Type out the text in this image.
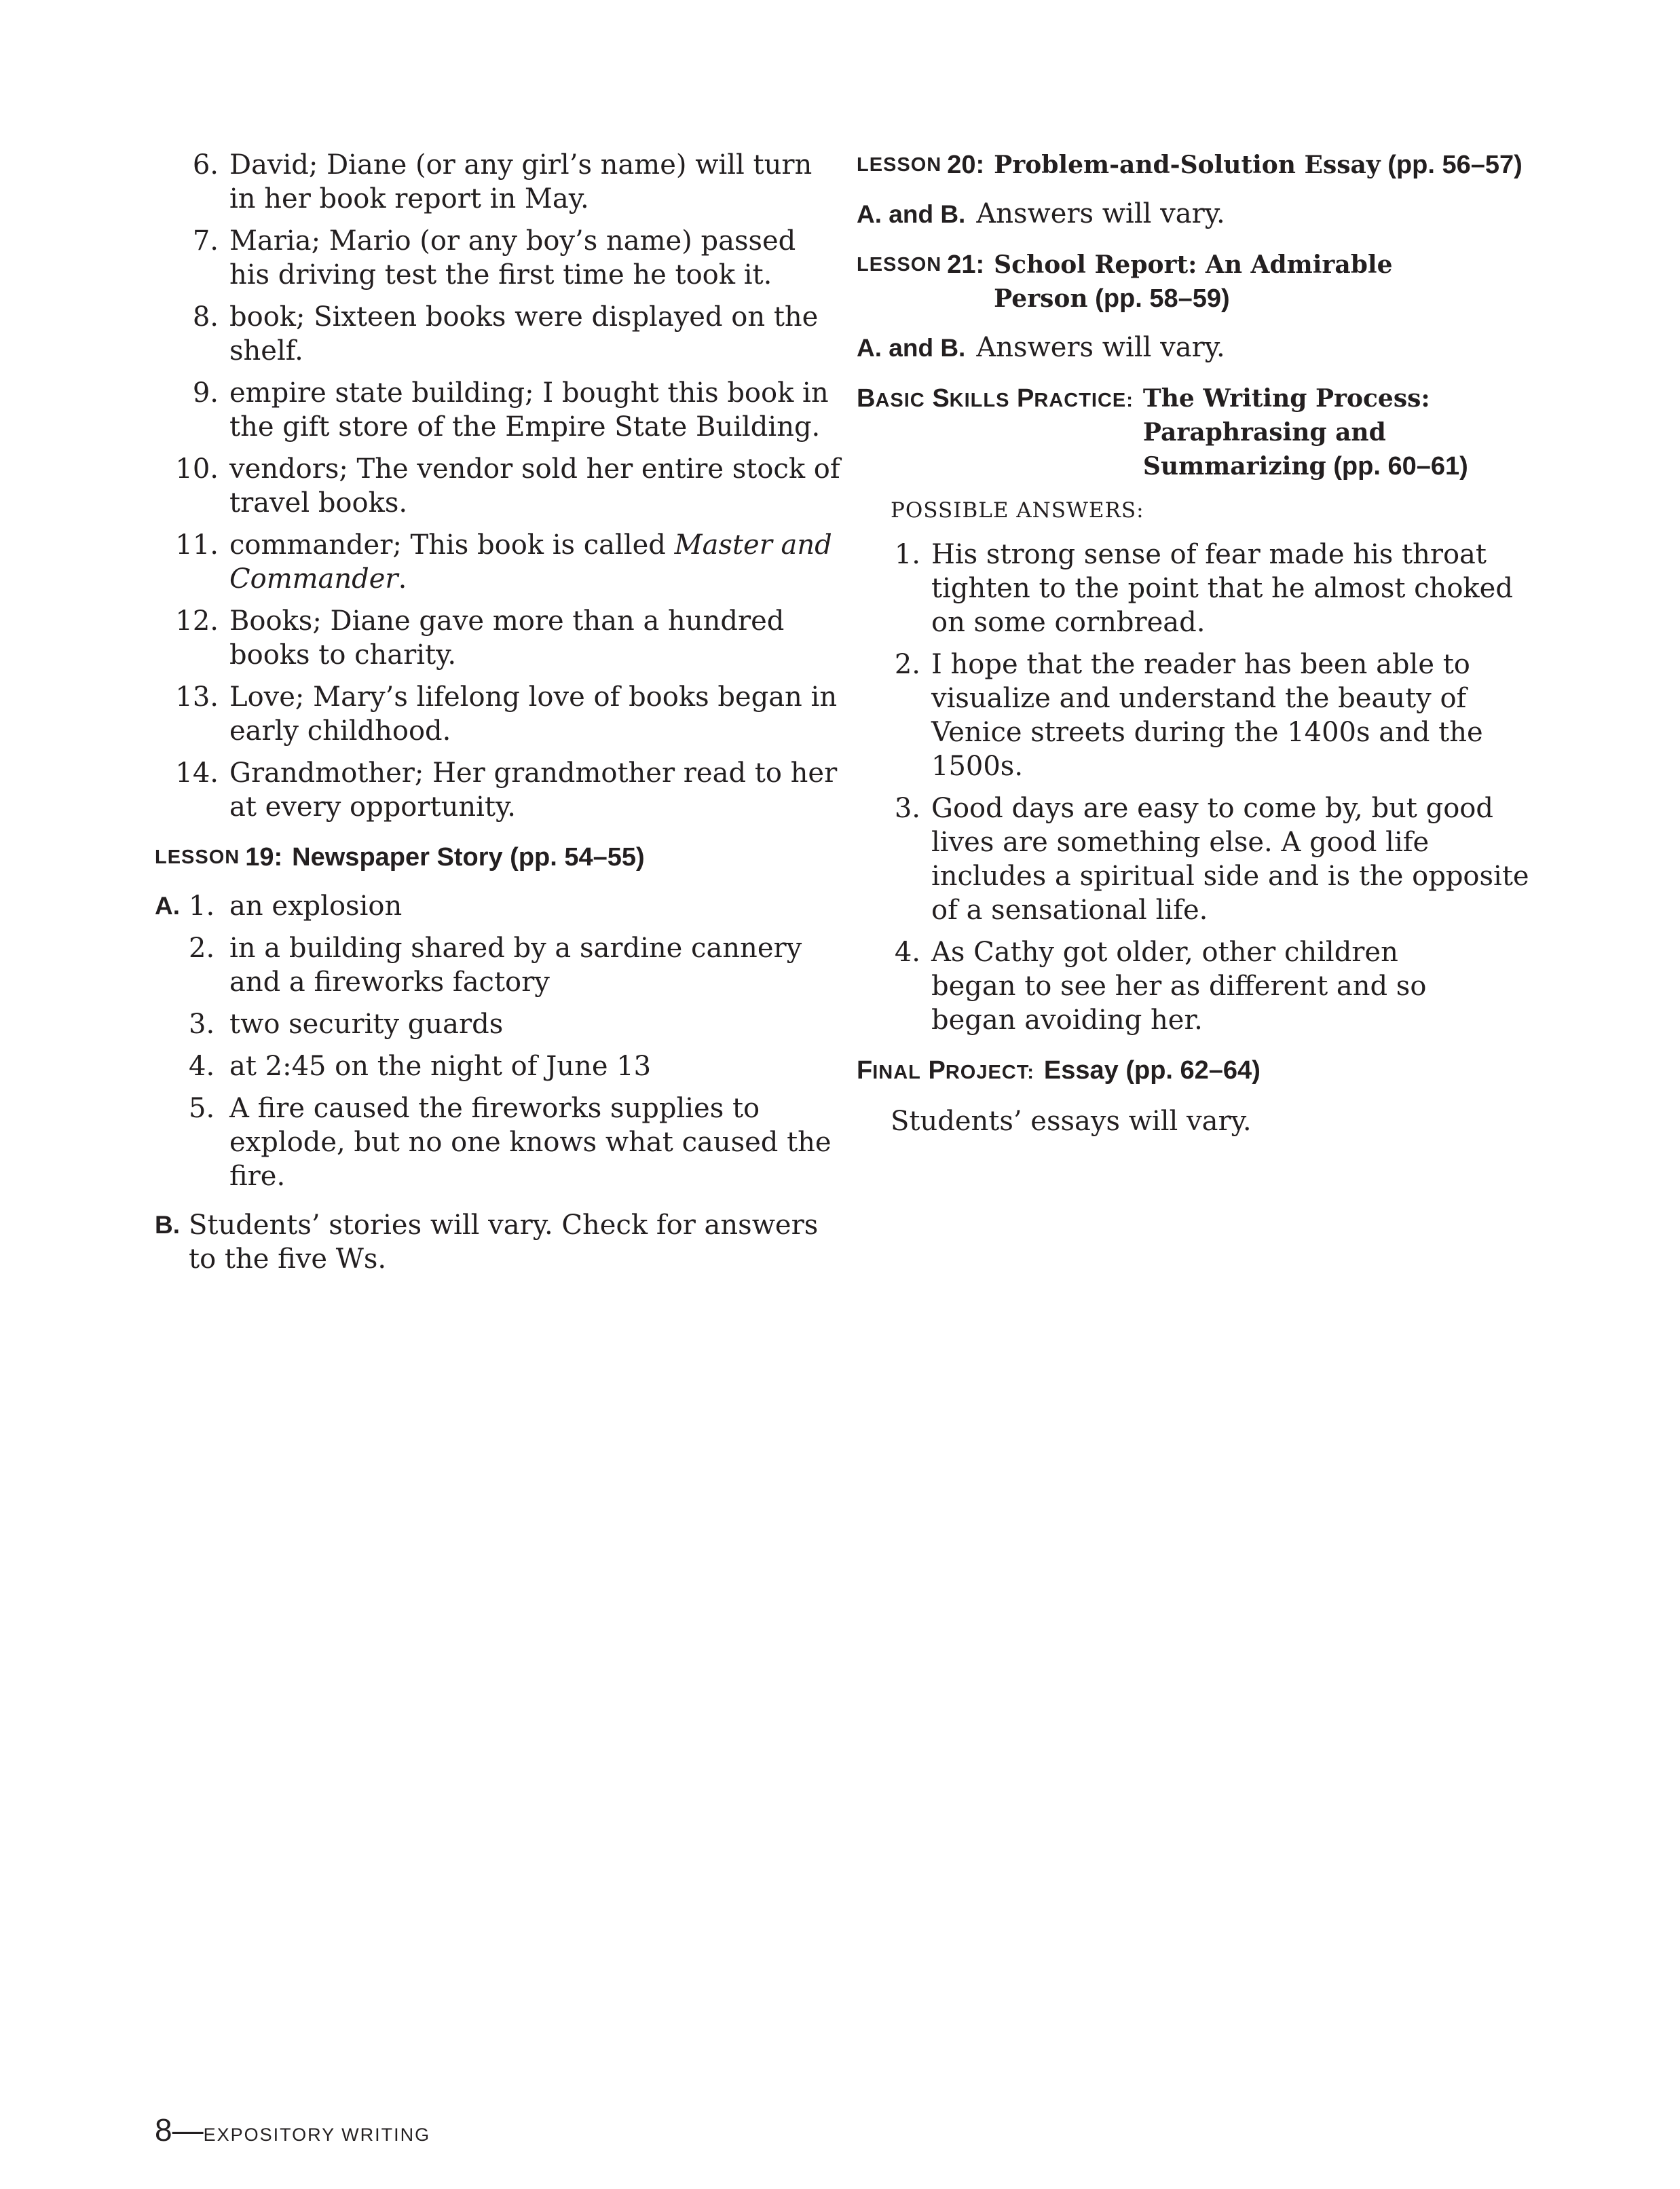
6. David; Diane (or any girl’s name) will turn in her book report in May.
7. Maria; Mario (or any boy’s name) passed his driving test the first time he took it.
8. book; Sixteen books were displayed on the shelf.
9. empire state building; I bought this book in the gift store of the Empire State Building.
10. vendors; The vendor sold her entire stock of travel books.
11. commander; This book is called Master and Commander.
12. Books; Diane gave more than a hundred books to charity.
13. Love; Mary’s lifelong love of books began in early childhood.
14. Grandmother; Her grandmother read to her at every opportunity.
LESSON 19: Newspaper Story (pp. 54–55)
A. 1. an explosion
2. in a building shared by a sardine cannery and a fireworks factory
3. two security guards
4. at 2:45 on the night of June 13
5. A fire caused the fireworks supplies to explode, but no one knows what caused the fire.
B. Students’ stories will vary. Check for answers to the five Ws.
LESSON 20: Problem-and-Solution Essay (pp. 56–57)
A. and B. Answers will vary.
LESSON 21: School Report: An Admirable
Person (pp. 58–59)
A. and B. Answers will vary.
BASIC SKILLS PRACTICE: The Writing Process:
Paraphrasing and
Summarizing (pp. 60–61)
POSSIBLE ANSWERS:
1. His strong sense of fear made his throat tighten to the point that he almost choked on some cornbread.
2. I hope that the reader has been able to visualize and understand the beauty of Venice streets during the 1400s and the 1500s.
3. Good days are easy to come by, but good lives are something else. A good life includes a spiritual side and is the opposite of a sensational life.
4. As Cathy got older, other children began to see her as different and so began avoiding her.
FINAL PROJECT: Essay (pp. 62–64)
Students’ essays will vary.
8—EXPOSITORY WRITING
